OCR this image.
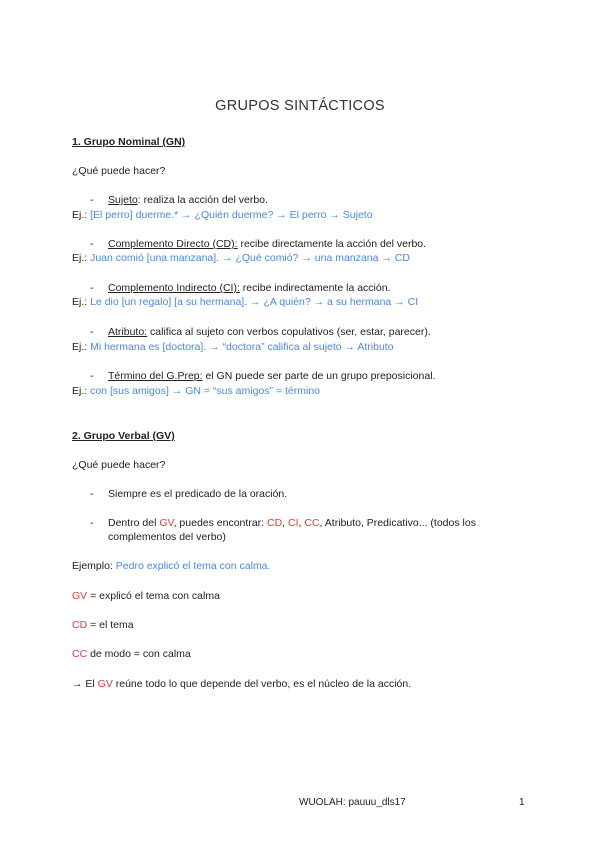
GRUPOS SINTÁCTICOS
1. Grupo Nominal (GN)
¿Qué puede hacer?
- Sujeto: realiza la acción del verbo.
Ej.: [El perro] duerme.* → ¿Quién duerme? → El perro → Sujeto
- Complemento Directo (CD): recibe directamente la acción del verbo.
Ej.: Juan comió [una manzana]. → ¿Qué comió? → una manzana → CD
- Complemento Indirecto (CI): recibe indirectamente la acción.
Ej.: Le dio [un regalo] [a su hermana]. → ¿A quién? → a su hermana → CI
- Atributo: califica al sujeto con verbos copulativos (ser, estar, parecer).
Ej.: Mi hermana es [doctora]. → “doctora” califica al sujeto → Atributo
- Término del G.Prep: el GN puede ser parte de un grupo preposicional.
Ej.: con [sus amigos] → GN = “sus amigos” = término
2. Grupo Verbal (GV)
¿Qué puede hacer?
- Siempre es el predicado de la oración.
- Dentro del GV, puedes encontrar: CD, CI, CC, Atributo, Predicativo... (todos los
complementos del verbo)
Ejemplo: Pedro explicó el tema con calma.
GV = explicó el tema con calma
CD = el tema
CC de modo = con calma
→ El GV reúne todo lo que depende del verbo, es el núcleo de la acción.
WUOLAH: pauuu_dls17	1
